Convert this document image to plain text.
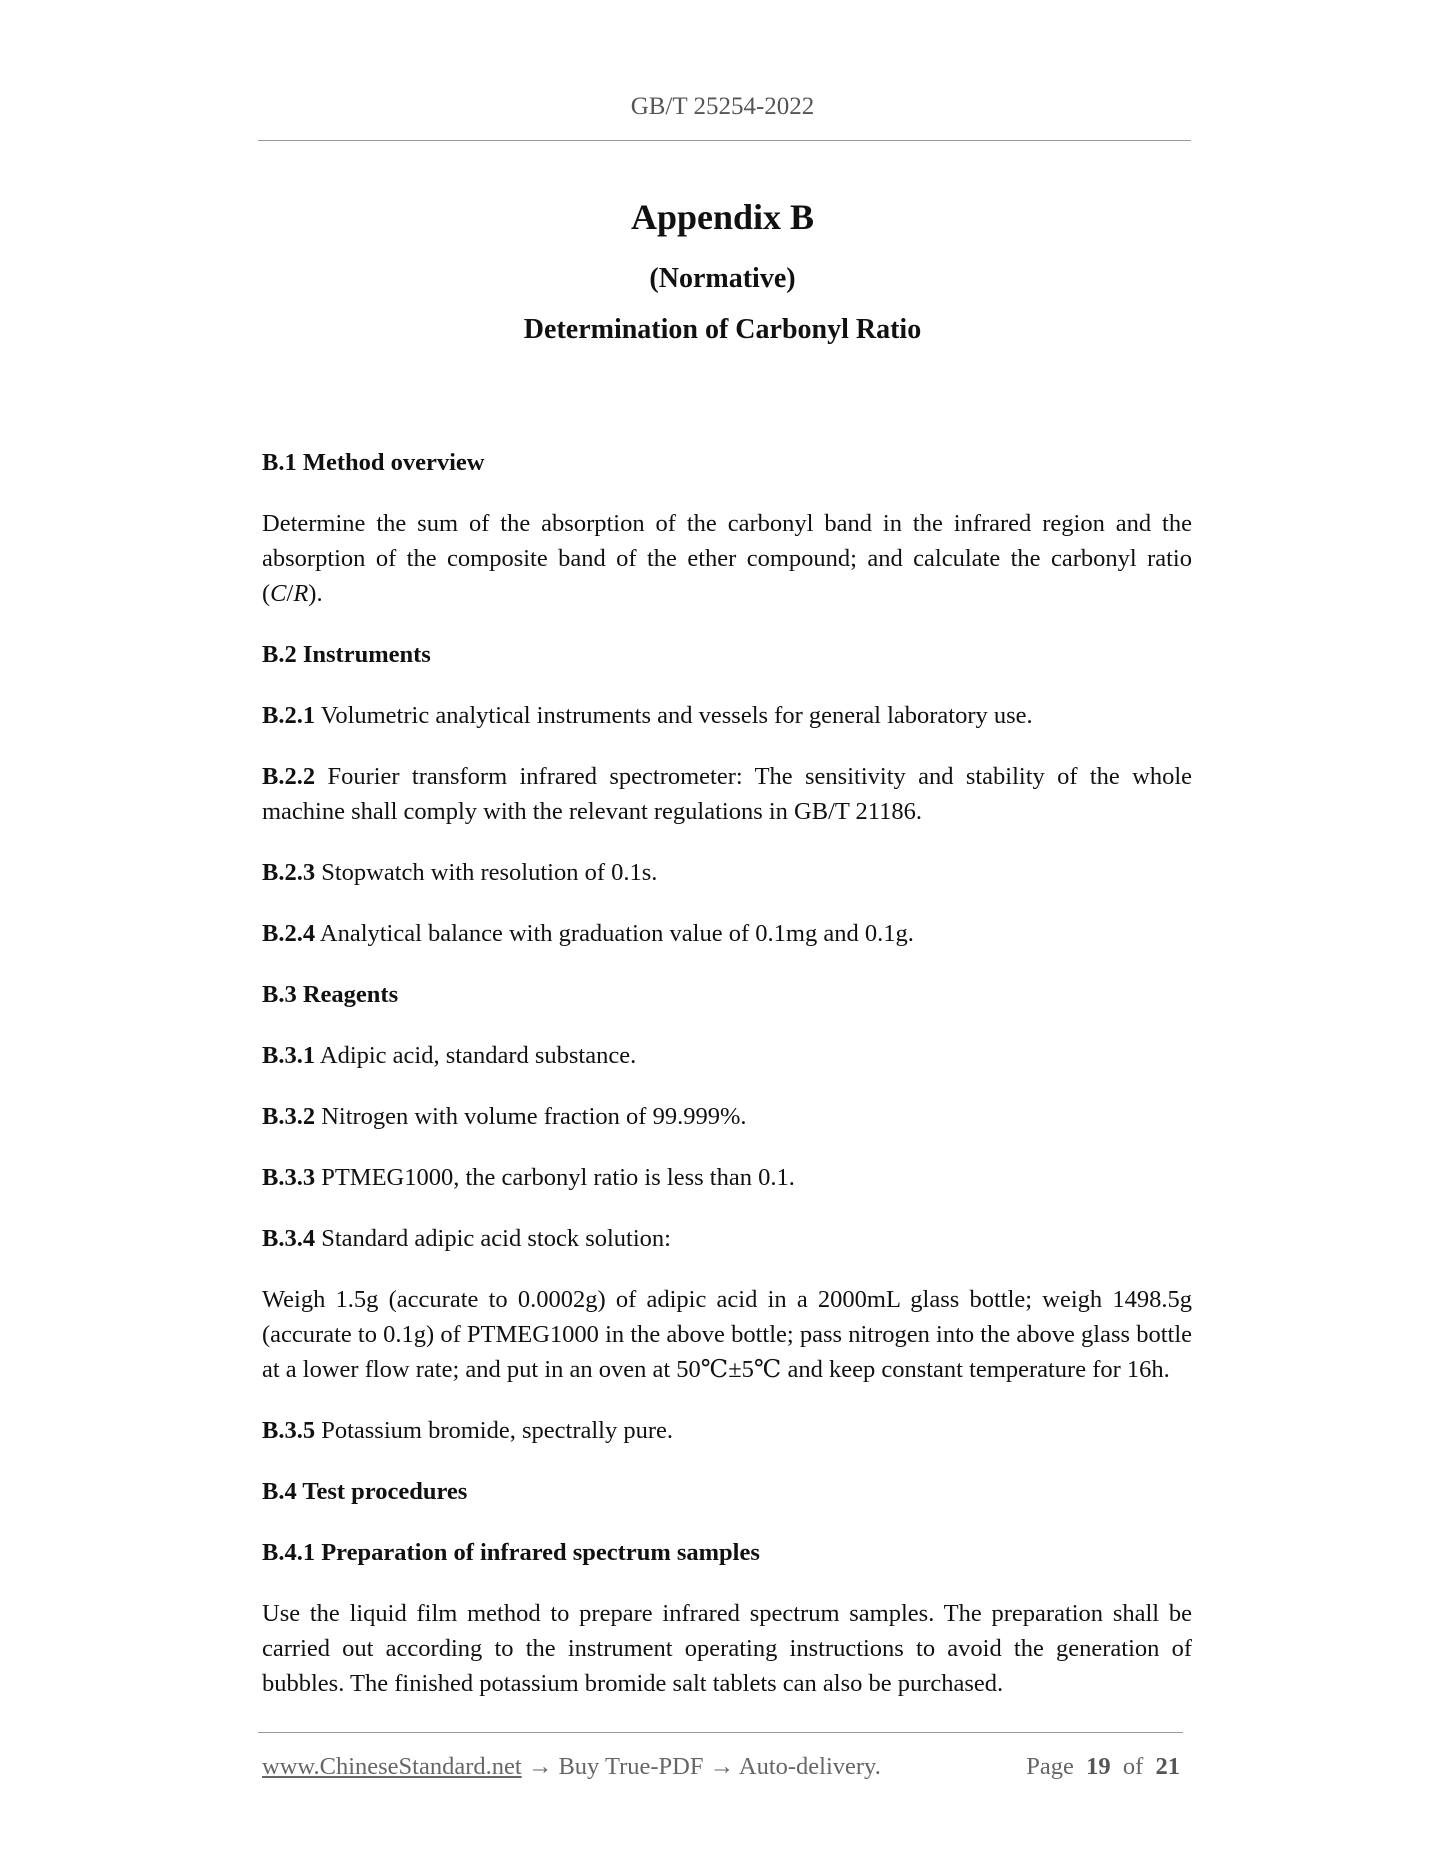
GB/T 25254-2022
Appendix B
(Normative)
Determination of Carbonyl Ratio
B.1 Method overview

Determine the sum of the absorption of the carbonyl band in the infrared region and the absorption of the composite band of the ether compound; and calculate the carbonyl ratio (C/R).

B.2 Instruments

B.2.1 Volumetric analytical instruments and vessels for general laboratory use.

B.2.2 Fourier transform infrared spectrometer: The sensitivity and stability of the whole machine shall comply with the relevant regulations in GB/T 21186.

B.2.3 Stopwatch with resolution of 0.1s.

B.2.4 Analytical balance with graduation value of 0.1mg and 0.1g.

B.3 Reagents

B.3.1 Adipic acid, standard substance.

B.3.2 Nitrogen with volume fraction of 99.999%.

B.3.3 PTMEG1000, the carbonyl ratio is less than 0.1.

B.3.4 Standard adipic acid stock solution:

Weigh 1.5g (accurate to 0.0002g) of adipic acid in a 2000mL glass bottle; weigh 1498.5g (accurate to 0.1g) of PTMEG1000 in the above bottle; pass nitrogen into the above glass bottle at a lower flow rate; and put in an oven at 50℃±5℃ and keep constant temperature for 16h.

B.3.5 Potassium bromide, spectrally pure.

B.4 Test procedures
B.4.1 Preparation of infrared spectrum samples

Use the liquid film method to prepare infrared spectrum samples. The preparation shall be carried out according to the instrument operating instructions to avoid the generation of bubbles. The finished potassium bromide salt tablets can also be purchased.

www.ChineseStandard.net → Buy True-PDF → Auto-delivery.	Page 19 of 21
